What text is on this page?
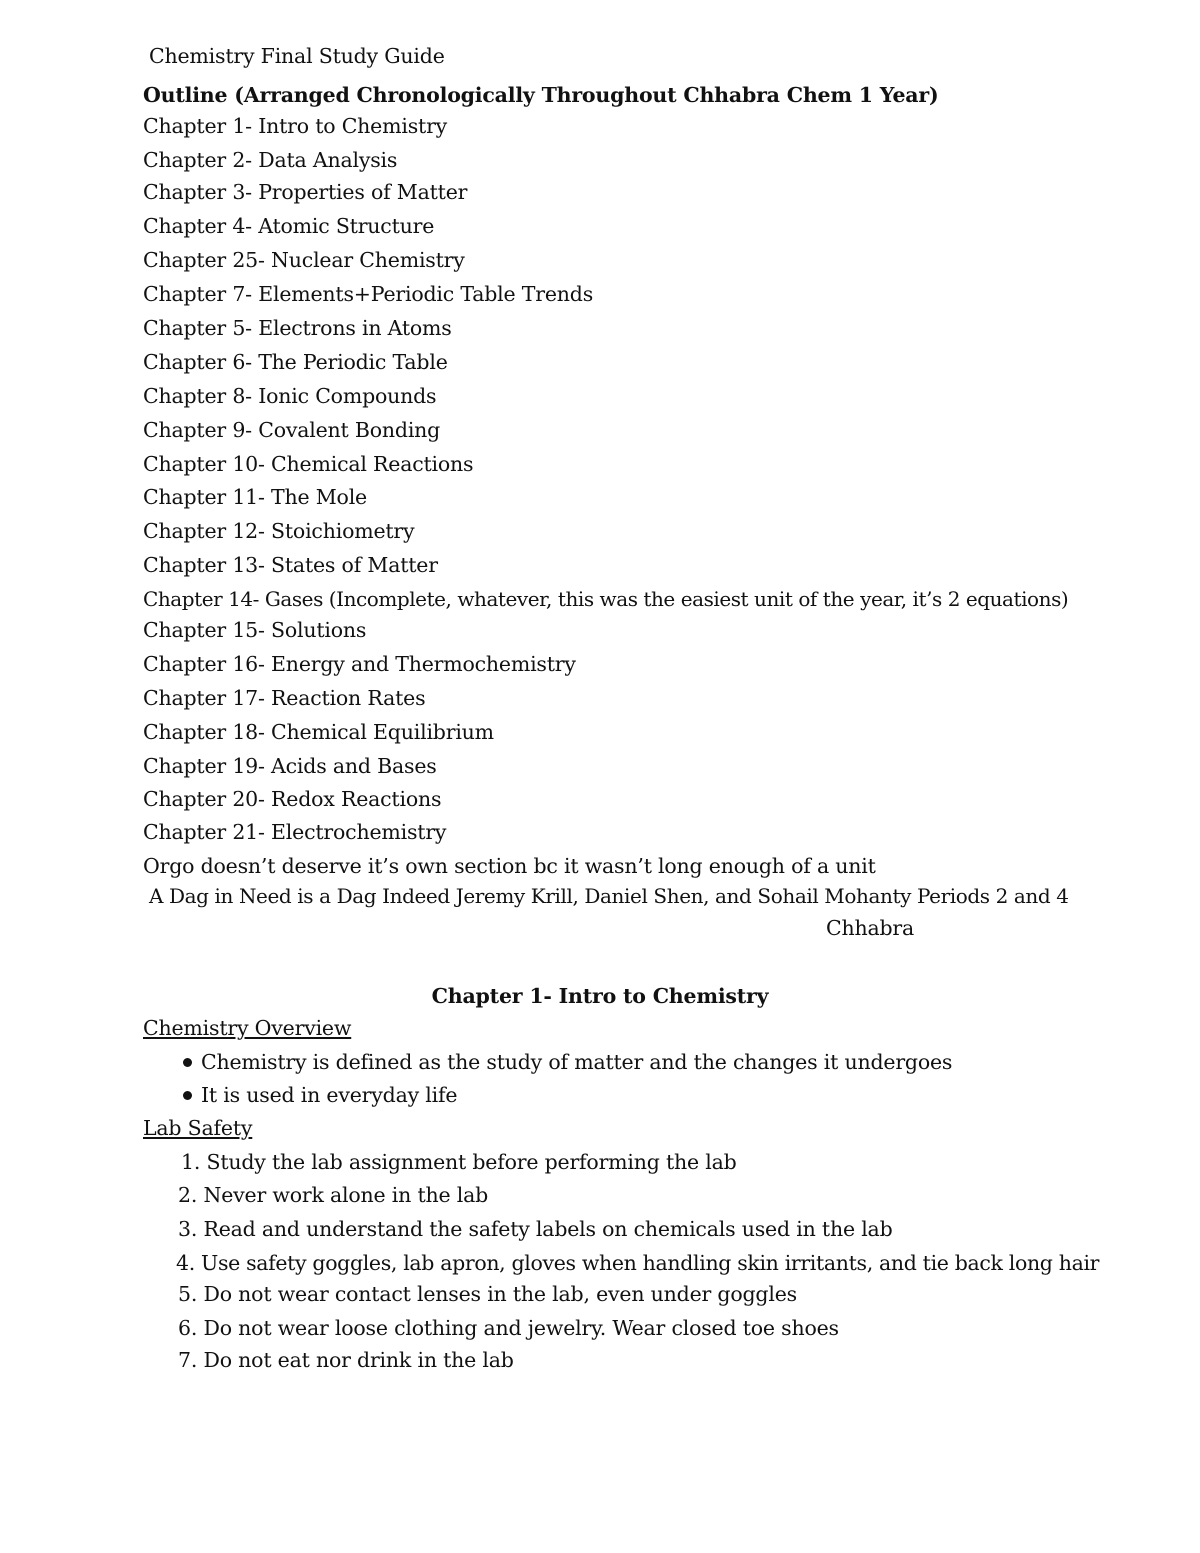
Chemistry Final Study Guide
Outline (Arranged Chronologically Throughout Chhabra Chem 1 Year)
Chapter 1- Intro to Chemistry
Chapter 2- Data Analysis
Chapter 3- Properties of Matter
Chapter 4- Atomic Structure
Chapter 25- Nuclear Chemistry
Chapter 7- Elements+Periodic Table Trends
Chapter 5- Electrons in Atoms
Chapter 6- The Periodic Table
Chapter 8- Ionic Compounds
Chapter 9- Covalent Bonding
Chapter 10- Chemical Reactions
Chapter 11- The Mole
Chapter 12- Stoichiometry
Chapter 13- States of Matter
Chapter 14- Gases (Incomplete, whatever, this was the easiest unit of the year, it’s 2 equations)
Chapter 15- Solutions
Chapter 16- Energy and Thermochemistry
Chapter 17- Reaction Rates
Chapter 18- Chemical Equilibrium
Chapter 19- Acids and Bases
Chapter 20- Redox Reactions
Chapter 21- Electrochemistry
Orgo doesn’t deserve it’s own section bc it wasn’t long enough of a unit
A Dag in Need is a Dag Indeed Jeremy Krill, Daniel Shen, and Sohail Mohanty Periods 2 and 4
Chhabra
Chapter 1- Intro to Chemistry
Chemistry Overview
Chemistry is defined as the study of matter and the changes it undergoes
It is used in everyday life
Lab Safety
1. Study the lab assignment before performing the lab
2. Never work alone in the lab
3. Read and understand the safety labels on chemicals used in the lab
4. Use safety goggles, lab apron, gloves when handling skin irritants, and tie back long hair
5. Do not wear contact lenses in the lab, even under goggles
6. Do not wear loose clothing and jewelry. Wear closed toe shoes
7. Do not eat nor drink in the lab
